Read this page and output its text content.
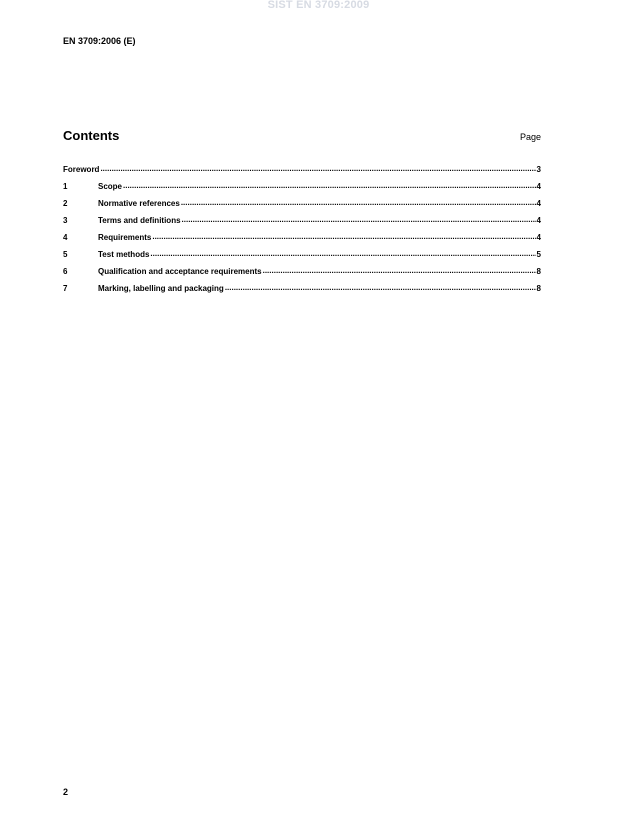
SIST EN 3709:2009
EN 3709:2006 (E)
Contents	Page
Foreword .....	3
1	Scope .....	4
2	Normative references .....	4
3	Terms and definitions .....	4
4	Requirements .....	4
5	Test methods .....	5
6	Qualification and acceptance requirements .....	8
7	Marking, labelling and packaging .....	8
2
